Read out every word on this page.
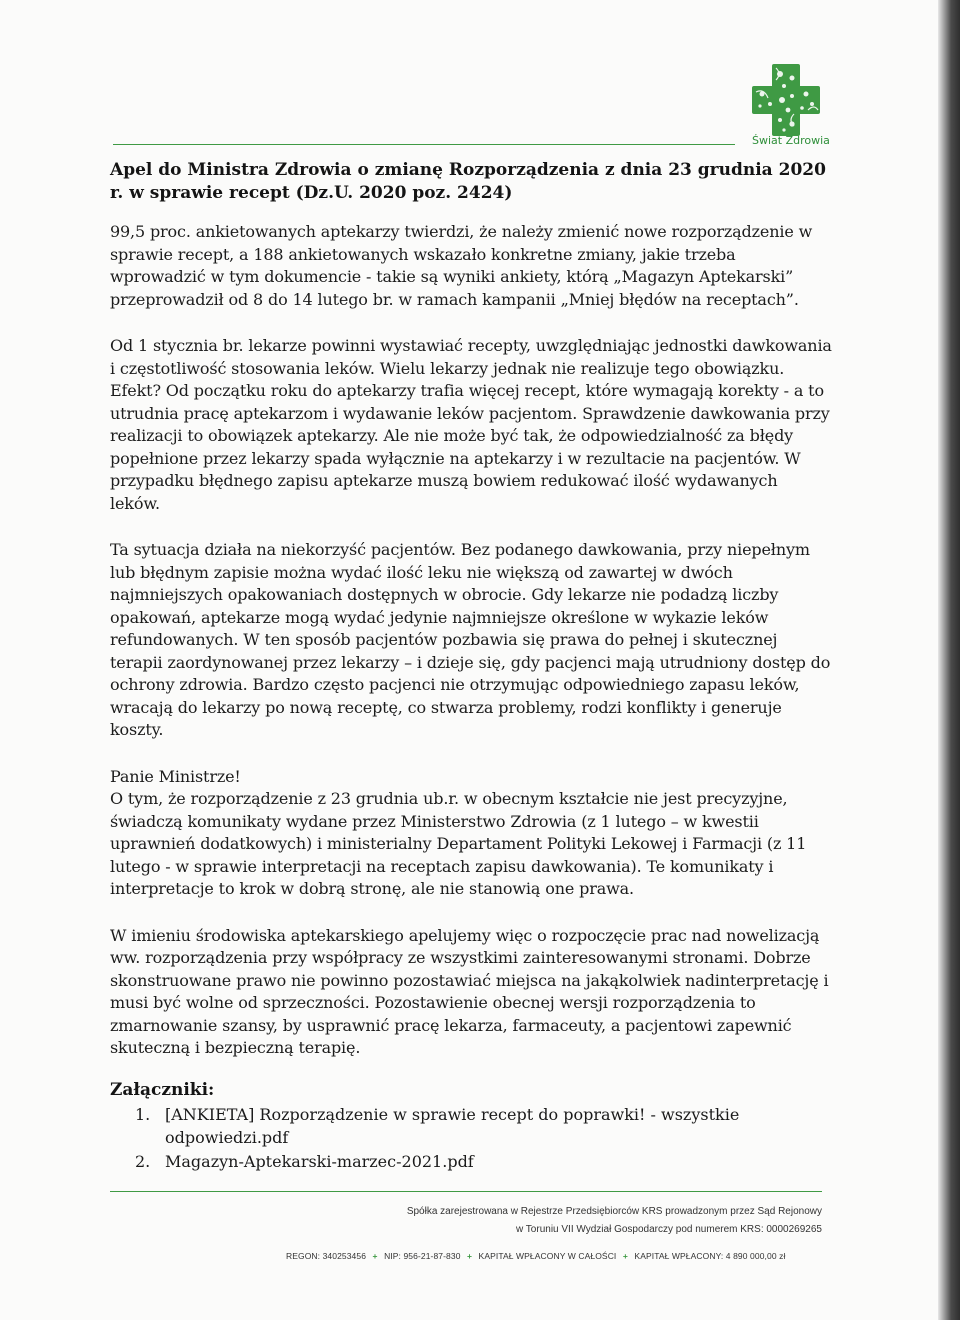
Świat Zdrowia
Apel do Ministra Zdrowia o zmianę Rozporządzenia z dnia 23 grudnia 2020 r. w sprawie recept (Dz.U. 2020 poz. 2424)

99,5 proc. ankietowanych aptekarzy twierdzi, że należy zmienić nowe rozporządzenie w sprawie recept, a 188 ankietowanych wskazało konkretne zmiany, jakie trzeba wprowadzić w tym dokumencie - takie są wyniki ankiety, którą „Magazyn Aptekarski” przeprowadził od 8 do 14 lutego br. w ramach kampanii „Mniej błędów na receptach”.

Od 1 stycznia br. lekarze powinni wystawiać recepty, uwzględniając jednostki dawkowania i częstotliwość stosowania leków. Wielu lekarzy jednak nie realizuje tego obowiązku. Efekt? Od początku roku do aptekarzy trafia więcej recept, które wymagają korekty - a to utrudnia pracę aptekarzom i wydawanie leków pacjentom. Sprawdzenie dawkowania przy realizacji to obowiązek aptekarzy. Ale nie może być tak, że odpowiedzialność za błędy popełnione przez lekarzy spada wyłącznie na aptekarzy i w rezultacie na pacjentów. W przypadku błędnego zapisu aptekarze muszą bowiem redukować ilość wydawanych leków.

Ta sytuacja działa na niekorzyść pacjentów. Bez podanego dawkowania, przy niepełnym lub błędnym zapisie można wydać ilość leku nie większą od zawartej w dwóch najmniejszych opakowaniach dostępnych w obrocie. Gdy lekarze nie podadzą liczby opakowań, aptekarze mogą wydać jedynie najmniejsze określone w wykazie leków refundowanych. W ten sposób pacjentów pozbawia się prawa do pełnej i skutecznej terapii zaordynowanej przez lekarzy – i dzieje się, gdy pacjenci mają utrudniony dostęp do ochrony zdrowia. Bardzo często pacjenci nie otrzymując odpowiedniego zapasu leków, wracają do lekarzy po nową receptę, co stwarza problemy, rodzi konflikty i generuje koszty.

Panie Ministrze!

O tym, że rozporządzenie z 23 grudnia ub.r. w obecnym kształcie nie jest precyzyjne, świadczą komunikaty wydane przez Ministerstwo Zdrowia (z 1 lutego – w kwestii uprawnień dodatkowych) i ministerialny Departament Polityki Lekowej i Farmacji (z 11 lutego - w sprawie interpretacji na receptach zapisu dawkowania). Te komunikaty i interpretacje to krok w dobrą stronę, ale nie stanowią one prawa.

W imieniu środowiska aptekarskiego apelujemy więc o rozpoczęcie prac nad nowelizacją ww. rozporządzenia przy współpracy ze wszystkimi zainteresowanymi stronami. Dobrze skonstruowane prawo nie powinno pozostawiać miejsca na jakąkolwiek nadinterpretację i musi być wolne od sprzeczności. Pozostawienie obecnej wersji rozporządzenia to zmarnowanie szansy, by usprawnić pracę lekarza, farmaceuty, a pacjentowi zapewnić skuteczną i bezpieczną terapię.

Załączniki:
1. [ANKIETA] Rozporządzenie w sprawie recept do poprawki! - wszystkie odpowiedzi.pdf
2. Magazyn-Aptekarski-marzec-2021.pdf
Spółka zarejestrowana w Rejestrze Przedsiębiorców KRS prowadzonym przez Sąd Rejonowy
w Toruniu VII Wydział Gospodarczy pod numerem KRS: 0000269265
REGON: 340253456 + NIP: 956-21-87-830 + KAPITAŁ WPŁACONY W CAŁOŚCI + KAPITAŁ WPŁACONY: 4 890 000,00 zł
